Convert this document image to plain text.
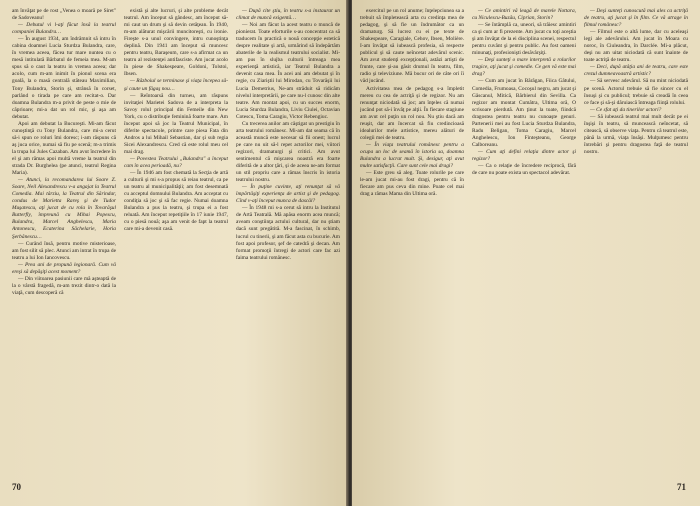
am învăţat pe de rost „Venea o moară pe Siret" de Sadoveanu!

— Debutul vi l-aţi făcut însă la teatrul companiei Bulandra…

— În august 1934, am îndrămnit să intru în cabina doamnei Lucia Sturdza Bulandra, care, în vremea aceea, făcea tur mare nuntea cu o mesă intitulată Bărbatul de femeia mea. M-am spus să o caut la teatru in vremea aceea; dar acolo, cum m-am inimit în pionul scena era goală, la o masă centrală stăteau Maximilian, Tony Bulandra, Storin şi, strânsă în corset, parlând o tirada pe care am recitat-o. Dar doamna Bulandra m-a privit de peste o mie de căprioare; mi-a dat un rol mic, şi aşa am debutat.

Apoi am debutat la Bucureşti. Mi-am făcut cunoştinţă cu Tony Bulandra, care mi-a cerut să-i spun ce roluri îmi doresc; i-am răspuns că aş juca orice, numai să fiu pe scenă; m-a trimis la trupa lui Jules Cazaban. Am avut încredere în el şi am rămas apoi multă vreme la teatrul din strada Dr. Burghelea (pe atunci, teatrul Regina Maria).

— Atunci, la recomandarea lui Soare Z. Soare, Neil Alexandrescu v-a angajat la Teatrul Comedia. Mai târziu, la Teatrul din Sărindar, condus de Marietta Rareş şi de Tudor Muşatescu, aţi jucat de cu rola în Tovarăşul Butterfly, împreună cu Mihai Popescu, Bulandra, Marcel Anghelescu, Maria Antonescu, Ecaterina Săchelarie, Horia Şerbănescu…

— Curând însă, pentru motive misterioase, am fost silit să plec. Atunci am intrat în trupa de teatru a lui Ion Iancovescu.

— Prea ani de propună legionară. Cum vă ereşi să depăşiţi acest moment?

— Din viitoarea pasiunii care mă aşteaptă de la o vârstă fragedă, m-am trezit dintr-o dată la viaţă, cum descoperă că

există şi alte lucruri, şi alte probleme decât teatrul. Am început să gândesc, am început să-mi caut un drum şi să devin cetăţean. În 1940, m-am alăturat mişcării muncitoreşti, cu ironie. Fireşte s-a unul convingere, intru cunoştinţa deplină. Din 1941 am început să muncesc pentru teatru, Baraşeum, care s-a afirmat ca un teatru al rezistenţei antifasciste. Am jucat acolo în piese de Shakespeare, Goldoni, Tolstoi, Ibsen.

— Războiul se terminase şi viaţa începea să-şi caute un făgaş nou…

— Reîntoarsă din turneu, am răspuns invitaţiei Marietei Sadova de a interpreta la Savoy rolul principal din Femeile din New York, cu o distribuţie feminină foarte mare. Am început apoi să joc la Teatrul Municipal, în diferite spectacole, printre care piesa Fata din Andros a lui Mihail Sebastian, dar şi sub regia Sicei Alexandrescu. Cred că este rolul meu cel mai drag.

— Povestea Teatrului „Bulandra" a început cam în acea perioadă, nu?

— În 1946 am fost chemată la Secţia de artă a culturii şi mi s-a propus să reiau teatrul, ca pe un teatru al municipalităţii; am fost desemnată cu acceptul domnului Bulandra. Am acceptat cu condiţia să joc şi să fac regie. Numai doamna Bulandra a pus la teatru, şi trupa ei a fost reluată. Am început repetiţiile în 17 iunie 1947, cu o piesă nouă; aşa am venit de fapt la teatrul care mi-a devenit casă.

— După cite ştiu, în teatru s-a instaurat un climat de muncă exigentă…

— Noi am făcut la acest teatru o muncă de pionierat. Toate eforturile s-au concentrat ca să traducem în practică o nouă concepţie estetică despre realitate şi artă, urmărind să îndepărtăm abaterile de la realismul teatrului socialist. Mi-am pus în slujba culturii întreaga mea experienţă artistică, iar Teatrul Bulandra a devenit casa mea. În acei ani am debutat şi în regie, cu Ziariştii lui Mirodan, cu Tovarăşii lui Lucia Demetrius, Ne-am străduit să ridicăm nivelul interpretării, pe care nu-l cunosc din alte teatre. Am montat apoi, cu un succes enorm, Lucia Sturdza Bulandra, Liviu Ciulei, Octavian Cotescu, Toma Caragiu, Victor Rebengiuc.

Cu trecerea anilor am câştigat un prestigiu în arta teatrului românesc. Mi-am dat seama că în această muncă este necesar să fii onest; lucrul pe care nu uit să-l repet actorilor mei, viitori regizori, dramaturgi şi critici. Am avut sentimentul că mişcarea noastră era foarte diferită de a altor ţări, şi de aceea ne-am format un stil propriu care a rămas înscris în istoria teatrului nostru.

— În puţine cuvinte, aţi renunţat să vă împărtăşiţi experienţa de artist şi de pedagog. Cînd v-aţi început munca de dascăl?

— În 1948 mi s-a cerut să intru la Institutul de Artă Teatrală. Mă apăsa enorm acea muncă; aveam conştiinţa actului cultural, dar nu ştiam dacă sunt pregătită. M-a fascinat, în schimb, lucrul cu tinerii, şi am făcut asta cu bucurie. Am fost apoi profesor, şef de catedră şi decan. Am format promoţii întregi de actori care fac azi faima teatrului românesc.

70

exercitul pe un rol anume; înţelepciunea sa a trebuit să împletească arta cu credinţa mea de pedagog, şi să fie un îndrumător ca un dramaturg. Să lucrez cu ei pe texte de Shakespeare, Caragiale, Cehov, Ibsen, Molière. I-am învăţat să iubească profesia, să respecte publicul şi să caute neîncetat adevărul scenic. Am avut studenţi excepţionali, astăzi artişti de frunte, care şi-au găsit drumul în teatru, film, radio şi televiziune. Mă bucur ori de câte ori îi văd jucând.

Activitatea mea de pedagog s-a împletit mereu cu cea de actriţă şi de regizor. Nu am renunţat niciodată să joc; am înţeles că numai jucând pot să-i învăţ pe alţii. În fiecare stagiune am avut cel puţin un rol nou. Nu ştiu dacă am reuşit, dar am încercat să fiu credincioasă idealurilor mele artistice, mereu alături de colegii mei de teatru.

— În viaţa teatrului românesc pentru a ocupa un loc de seamă în istoria sa, doamna Bulandra a lucrat mult. Şi, desigur, aţi avut multe satisfacţii. Care sunt cele mai dragi?

— Este greu să aleg. Toate rolurile pe care le-am jucat mi-au fost dragi, pentru că în fiecare am pus ceva din mine. Poate cel mai drag a rămas Mama din Ultima oră.

— Ce amintiri vă leagă de marele Nottara, cu Niculescu-Buzău, Ciprian, Storin?

— Se întâmplă ca, uneori, să trăiesc amintiri ca şi cum ar fi prezente. Am jucat cu toţi aceştia şi am învăţat de la ei disciplina scenei, respectul pentru cuvânt şi pentru public. Au fost oameni minunaţi, profesionişti desăvârşiţi.

— Deşi sunteţi o mare interpretă a rolurilor tragice, aţi jucat şi comedie. Ce gen vă este mai drag?

— Cum am jucat în Bărăgan, Fiica Gâtului, Comedia, Frumoasa, Cocoşul negru, am jucat şi Gâscanul, Mitică, Bărbierul din Sevilla. Ca regizor am montat Cumătra, Ultima oră, O scrisoare pierdută. Am ţinut la toate, fiindcă dragostea pentru teatru nu cunoaşte genuri. Partenerii mei au fost Lucia Sturdza Bulandra, Radu Beligan, Toma Caragiu, Marcel Anghelescu, Ion Finteşteanu, George Calboreanu.

— Cum aţi defini relaţia dintre actor şi regizor?

— Ca o relaţie de încredere reciprocă, fără de care nu poate exista un spectacol adevărat.

— Deşi sunteţi cunoscută mai ales ca actriţă de teatru, aţi jucat şi în film. Ce vă atrage în filmul românesc?

— Filmul este o altă lume, dar cu aceleaşi legi ale adevărului. Am jucat în Moara cu noroc, în Ciuleandra, în Darclée. Mi-a plăcut, deşi nu am uitat niciodată că sunt înainte de toate actriţă de teatru.

— Deci, după atâţia ani de teatru, care este crezul dumneavoastră artistic?

— Să servesc adevărul. Să nu mint niciodată pe scenă. Actorul trebuie să fie sincer cu el însuşi şi cu publicul; trebuie să creadă în ceea ce face şi să-şi dăruiască întreaga fiinţă rolului.

— Ce sfat aţi da tinerilor actori?

— Să iubească teatrul mai mult decât pe ei înşişi în teatru, să muncească neîncetat, să citească, să observe viaţa. Pentru că teatrul este, până la urmă, viaţa însăşi. Mulţumesc pentru întrebări şi pentru dragostea faţă de teatrul nostru.

71
